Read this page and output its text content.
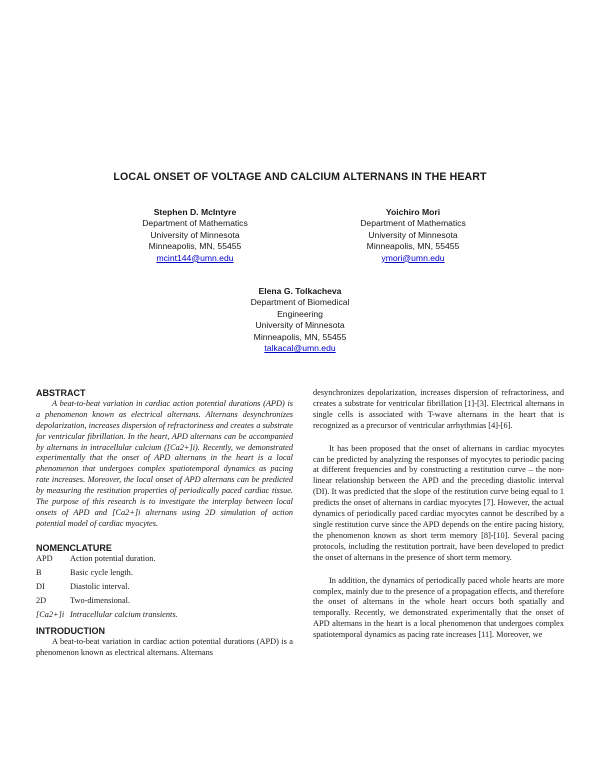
LOCAL ONSET OF VOLTAGE AND CALCIUM ALTERNANS IN THE HEART
Stephen D. McIntyre
Department of Mathematics
University of Minnesota
Minneapolis, MN, 55455
mcint144@umn.edu
Yoichiro Mori
Department of Mathematics
University of Minnesota
Minneapolis, MN, 55455
ymori@umn.edu
Elena G. Tolkacheva
Department of Biomedical
Engineering
University of Minnesota
Minneapolis, MN, 55455
talkacal@umn.edu
ABSTRACT

A beat-to-beat variation in cardiac action potential durations (APD) is a phenomenon known as electrical alternans. Alternans desynchronizes depolarization, increases dispersion of refractoriness and creates a substrate for ventricular fibrillation. In the heart, APD alternans can be accompanied by alternans in intracellular calcium ([Ca2+]i). Recently, we demonstrated experimentally that the onset of APD alternans in the heart is a local phenomenon that undergoes complex spatiotemporal dynamics as pacing rate increases. Moreover, the local onset of APD alternans can be predicted by measuring the restitution properties of periodically paced cardiac tissue. The purpose of this research is to investigate the interplay between local onsets of APD and [Ca2+]i alternans using 2D simulation of action potential model of cardiac myocytes.

NOMENCLATURE
APD	Action potential duration.
B	Basic cycle length.
DI	Diastolic interval.
2D	Two-dimensional.
[Ca2+]i	Intracellular calcium transients.
INTRODUCTION

A beat-to-beat variation in cardiac action potential durations (APD) is a phenomenon known as electrical alternans. Alternans

desynchronizes depolarization, increases dispersion of refractoriness, and creates a substrate for ventricular fibrillation [1]-[3]. Electrical alternans in single cells is associated with T-wave alternans in the heart that is recognized as a precursor of ventricular arrhythmias [4]-[6].

It has been proposed that the onset of alternans in cardiac myocytes can be predicted by analyzing the responses of myocytes to periodic pacing at different frequencies and by constructing a restitution curve – the non-linear relationship between the APD and the preceding diastolic interval (DI). It was predicted that the slope of the restitution curve being equal to 1 predicts the onset of alternans in cardiac myocytes [7]. However, the actual dynamics of periodically paced cardiac myocytes cannot be described by a single restitution curve since the APD depends on the entire pacing history, the phenomenon known as short term memory [8]-[10]. Several pacing protocols, including the restitution portrait, have been developed to predict the onset of alternans in the presence of short term memory.

In addition, the dynamics of periodically paced whole hearts are more complex, mainly due to the presence of a propagation effects, and therefore the onset of alternans in the whole heart occurs both spatially and temporally. Recently, we demonstrated experimentally that the onset of APD alternans in the heart is a local phenomenon that undergoes complex spatiotemporal dynamics as pacing rate increases [11]. Moreover, we
